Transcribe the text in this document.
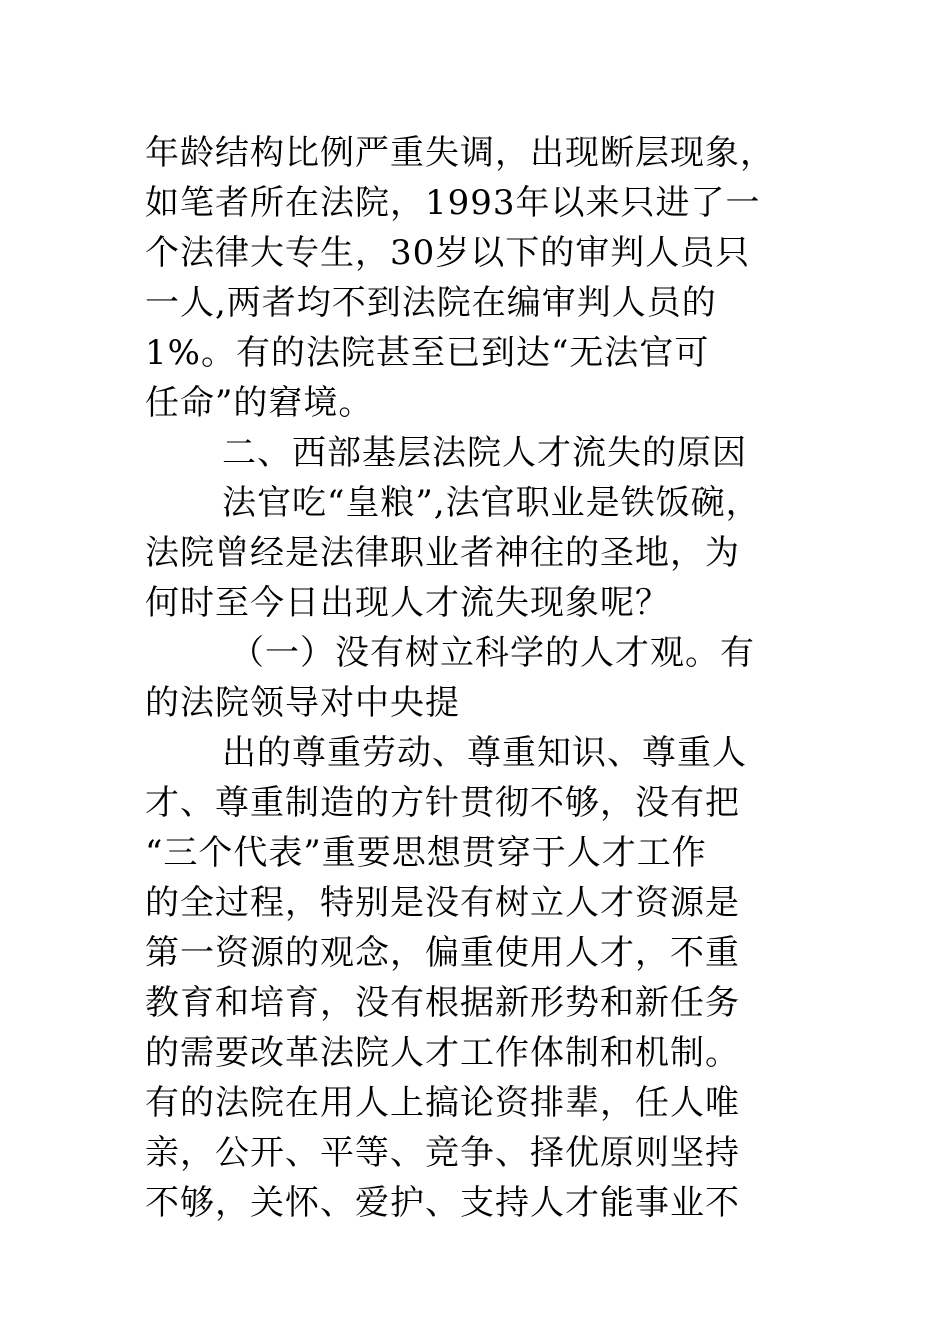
年龄结构比例严重失调，出现断层现象，
如笔者所在法院，1993年以来只进了一
个法律大专生，30岁以下的审判人员只
一人,两者均不到法院在编审判人员的
1%。有的法院甚至已到达“无法官可
任命”的窘境。
二、西部基层法院人才流失的原因
法官吃“皇粮”,法官职业是铁饭碗，
法院曾经是法律职业者神往的圣地，为
何时至今日出现人才流失现象呢？
（一）没有树立科学的人才观。有
的法院领导对中央提
出的尊重劳动、尊重知识、尊重人
才、尊重制造的方针贯彻不够，没有把
“三个代表”重要思想贯穿于人才工作
的全过程，特别是没有树立人才资源是
第一资源的观念，偏重使用人才，不重
教育和培育，没有根据新形势和新任务
的需要改革法院人才工作体制和机制。
有的法院在用人上搞论资排辈，任人唯
亲，公开、平等、竞争、择优原则坚持
不够，关怀、爱护、支持人才能事业不
